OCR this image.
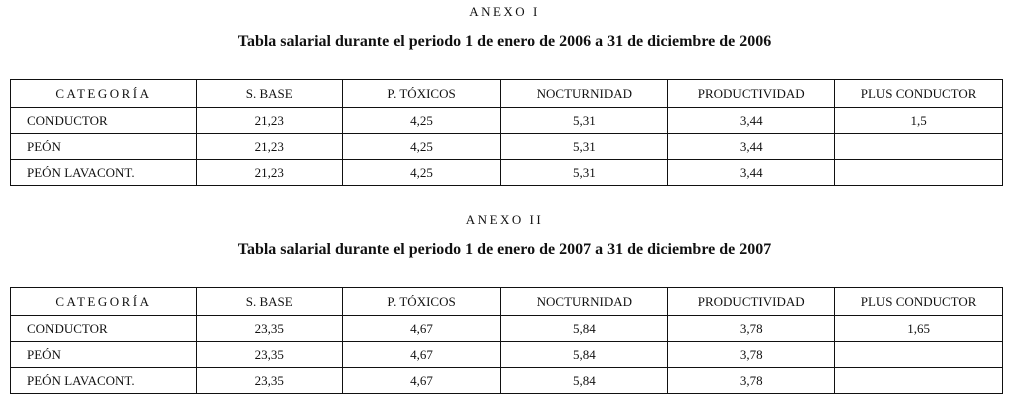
ANEXO I
Tabla salarial durante el periodo 1 de enero de 2006 a 31 de diciembre de 2006
CATEGORÍA	S. BASE	P. TÓXICOS	NOCTURNIDAD	PRODUCTIVIDAD	PLUS CONDUCTOR
CONDUCTOR	21,23	4,25	5,31	3,44	1,5
PEÓN	21,23	4,25	5,31	3,44	
PEÓN LAVACONT.	21,23	4,25	5,31	3,44	
ANEXO II
Tabla salarial durante el periodo 1 de enero de 2007 a 31 de diciembre de 2007
CATEGORÍA	S. BASE	P. TÓXICOS	NOCTURNIDAD	PRODUCTIVIDAD	PLUS CONDUCTOR
CONDUCTOR	23,35	4,67	5,84	3,78	1,65
PEÓN	23,35	4,67	5,84	3,78	
PEÓN LAVACONT.	23,35	4,67	5,84	3,78	
